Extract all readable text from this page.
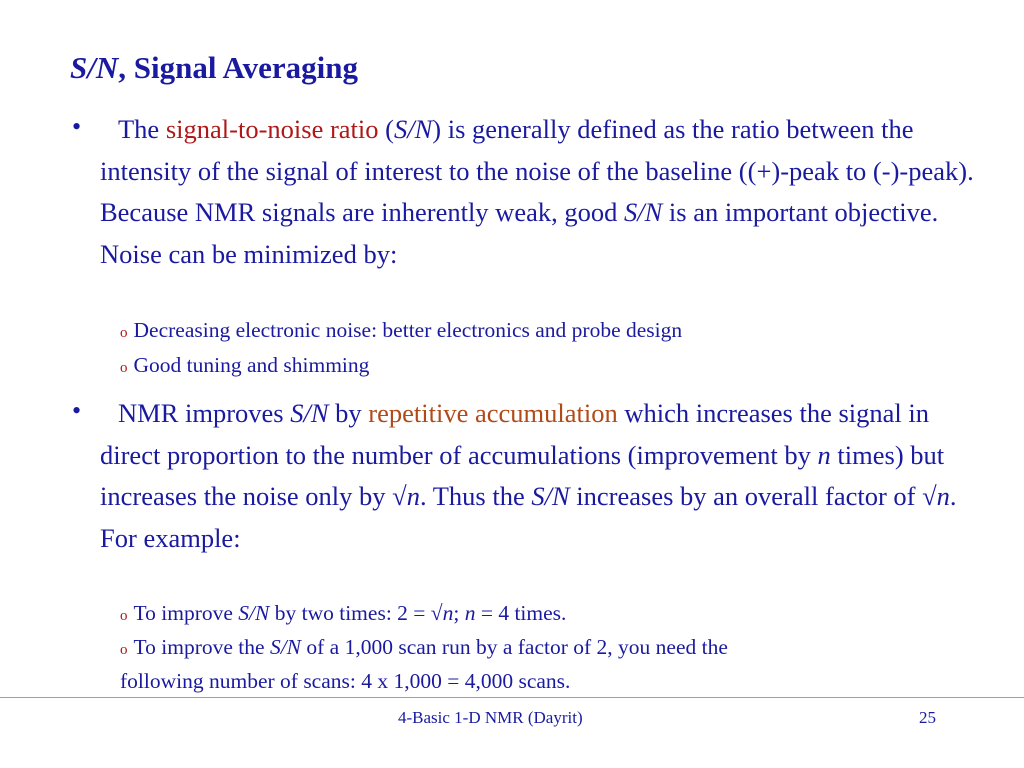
S/N, Signal Averaging
•	The signal-to-noise ratio (S/N) is generally defined as the ratio between the intensity of the signal of interest to the noise of the baseline ((+)-peak to (-)-peak). Because NMR signals are inherently weak, good S/N is an important objective. Noise can be minimized by:
o Decreasing electronic noise: better electronics and probe design
o Good tuning and shimming
•	NMR improves S/N by repetitive accumulation which increases the signal in direct proportion to the number of accumulations (improvement by n times) but increases the noise only by √n. Thus the S/N increases by an overall factor of √n. For example:
o To improve S/N by two times: 2 = √n; n = 4 times.
o To improve the S/N of a 1,000 scan run by a factor of 2, you need the
following number of scans: 4 x 1,000 = 4,000 scans.
4-Basic 1-D NMR (Dayrit)	25
